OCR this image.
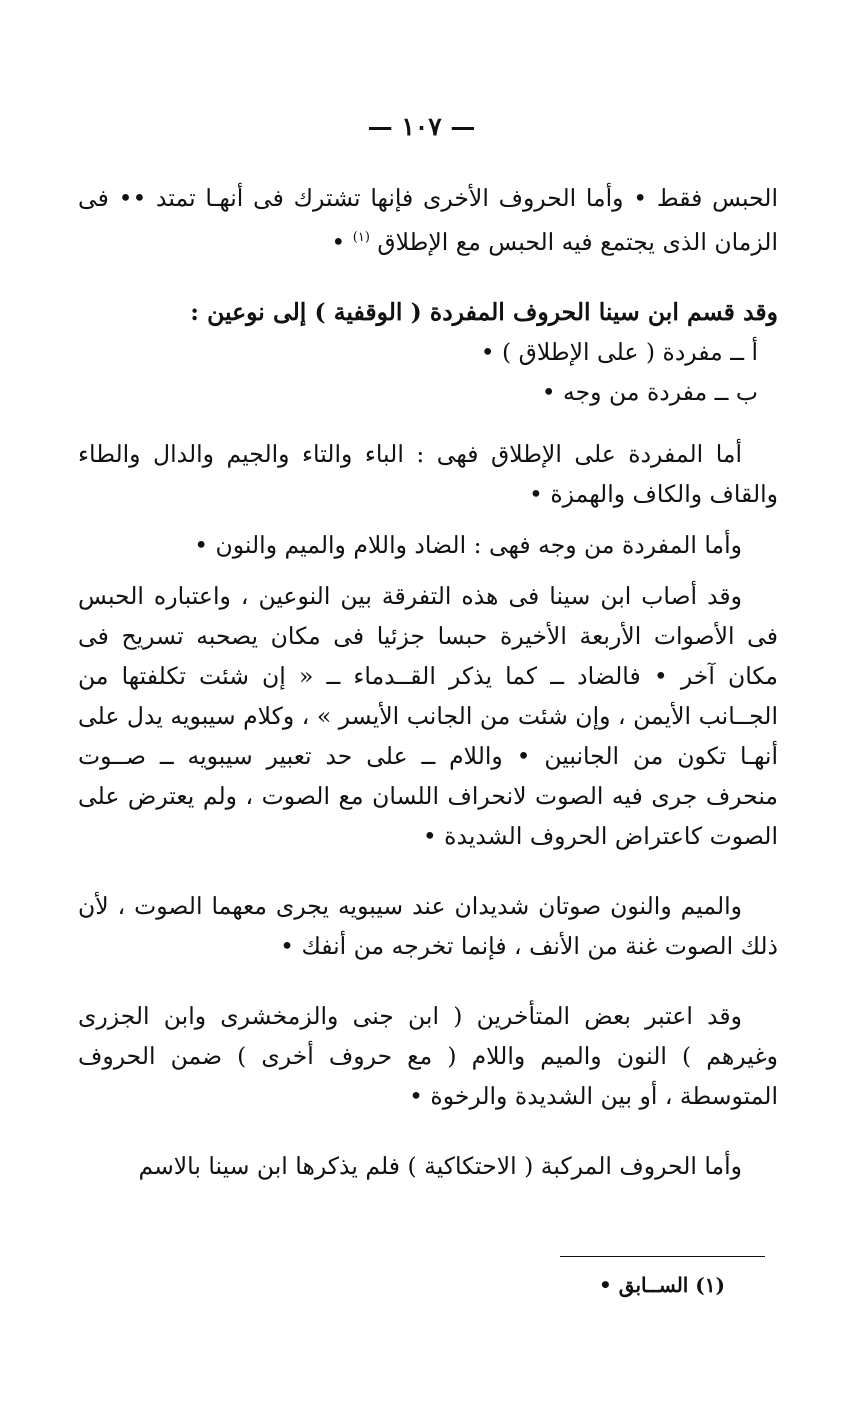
— ١٠٧ —

الحبس فقط • وأما الحروف الأخرى فإنها تشترك فى أنهـا تمتد •• فى الزمان الذى يجتمع فيه الحبس مع الإطلاق $^{(١)}$ •

وقد قسم ابن سينا الحروف المفردة ( الوقفية ) إلى نوعين :

أ ــ مفردة ( على الإطلاق ) •

ب ــ مفردة من وجه •

أما المفردة على الإطلاق فهى : الباء والتاء والجيم والدال والطاء والقاف والكاف والهمزة •

وأما المفردة من وجه فهى : الضاد واللام والميم والنون •

وقد أصاب ابن سينا فى هذه التفرقة بين النوعين ، واعتباره الحبس فى الأصوات الأربعة الأخيرة حبسا جزئيا فى مكان يصحبه تسريح فى مكان آخر • فالضاد ــ كما يذكر القــدماء ــ « إن شئت تكلفتها من الجــانب الأيمن ، وإن شئت من الجانب الأيسر » ، وكلام سيبويه يدل على أنهـا تكون من الجانبين • واللام ــ على حد تعبير سيبويه ــ صــوت منحرف جرى فيه الصوت لانحراف اللسان مع الصوت ، ولم يعترض على الصوت كاعتراض الحروف الشديدة •

والميم والنون صوتان شديدان عند سيبويه يجرى معهما الصوت ، لأن ذلك الصوت غنة من الأنف ، فإنما تخرجه من أنفك •

وقد اعتبر بعض المتأخرين ( ابن جنى والزمخشرى وابن الجزرى وغيرهم ) النون والميم واللام ( مع حروف أخرى ) ضمن الحروف المتوسطة ، أو بين الشديدة والرخوة •

وأما الحروف المركبة ( الاحتكاكية ) فلم يذكرها ابن سينا بالاسم

(١) الســابق •
